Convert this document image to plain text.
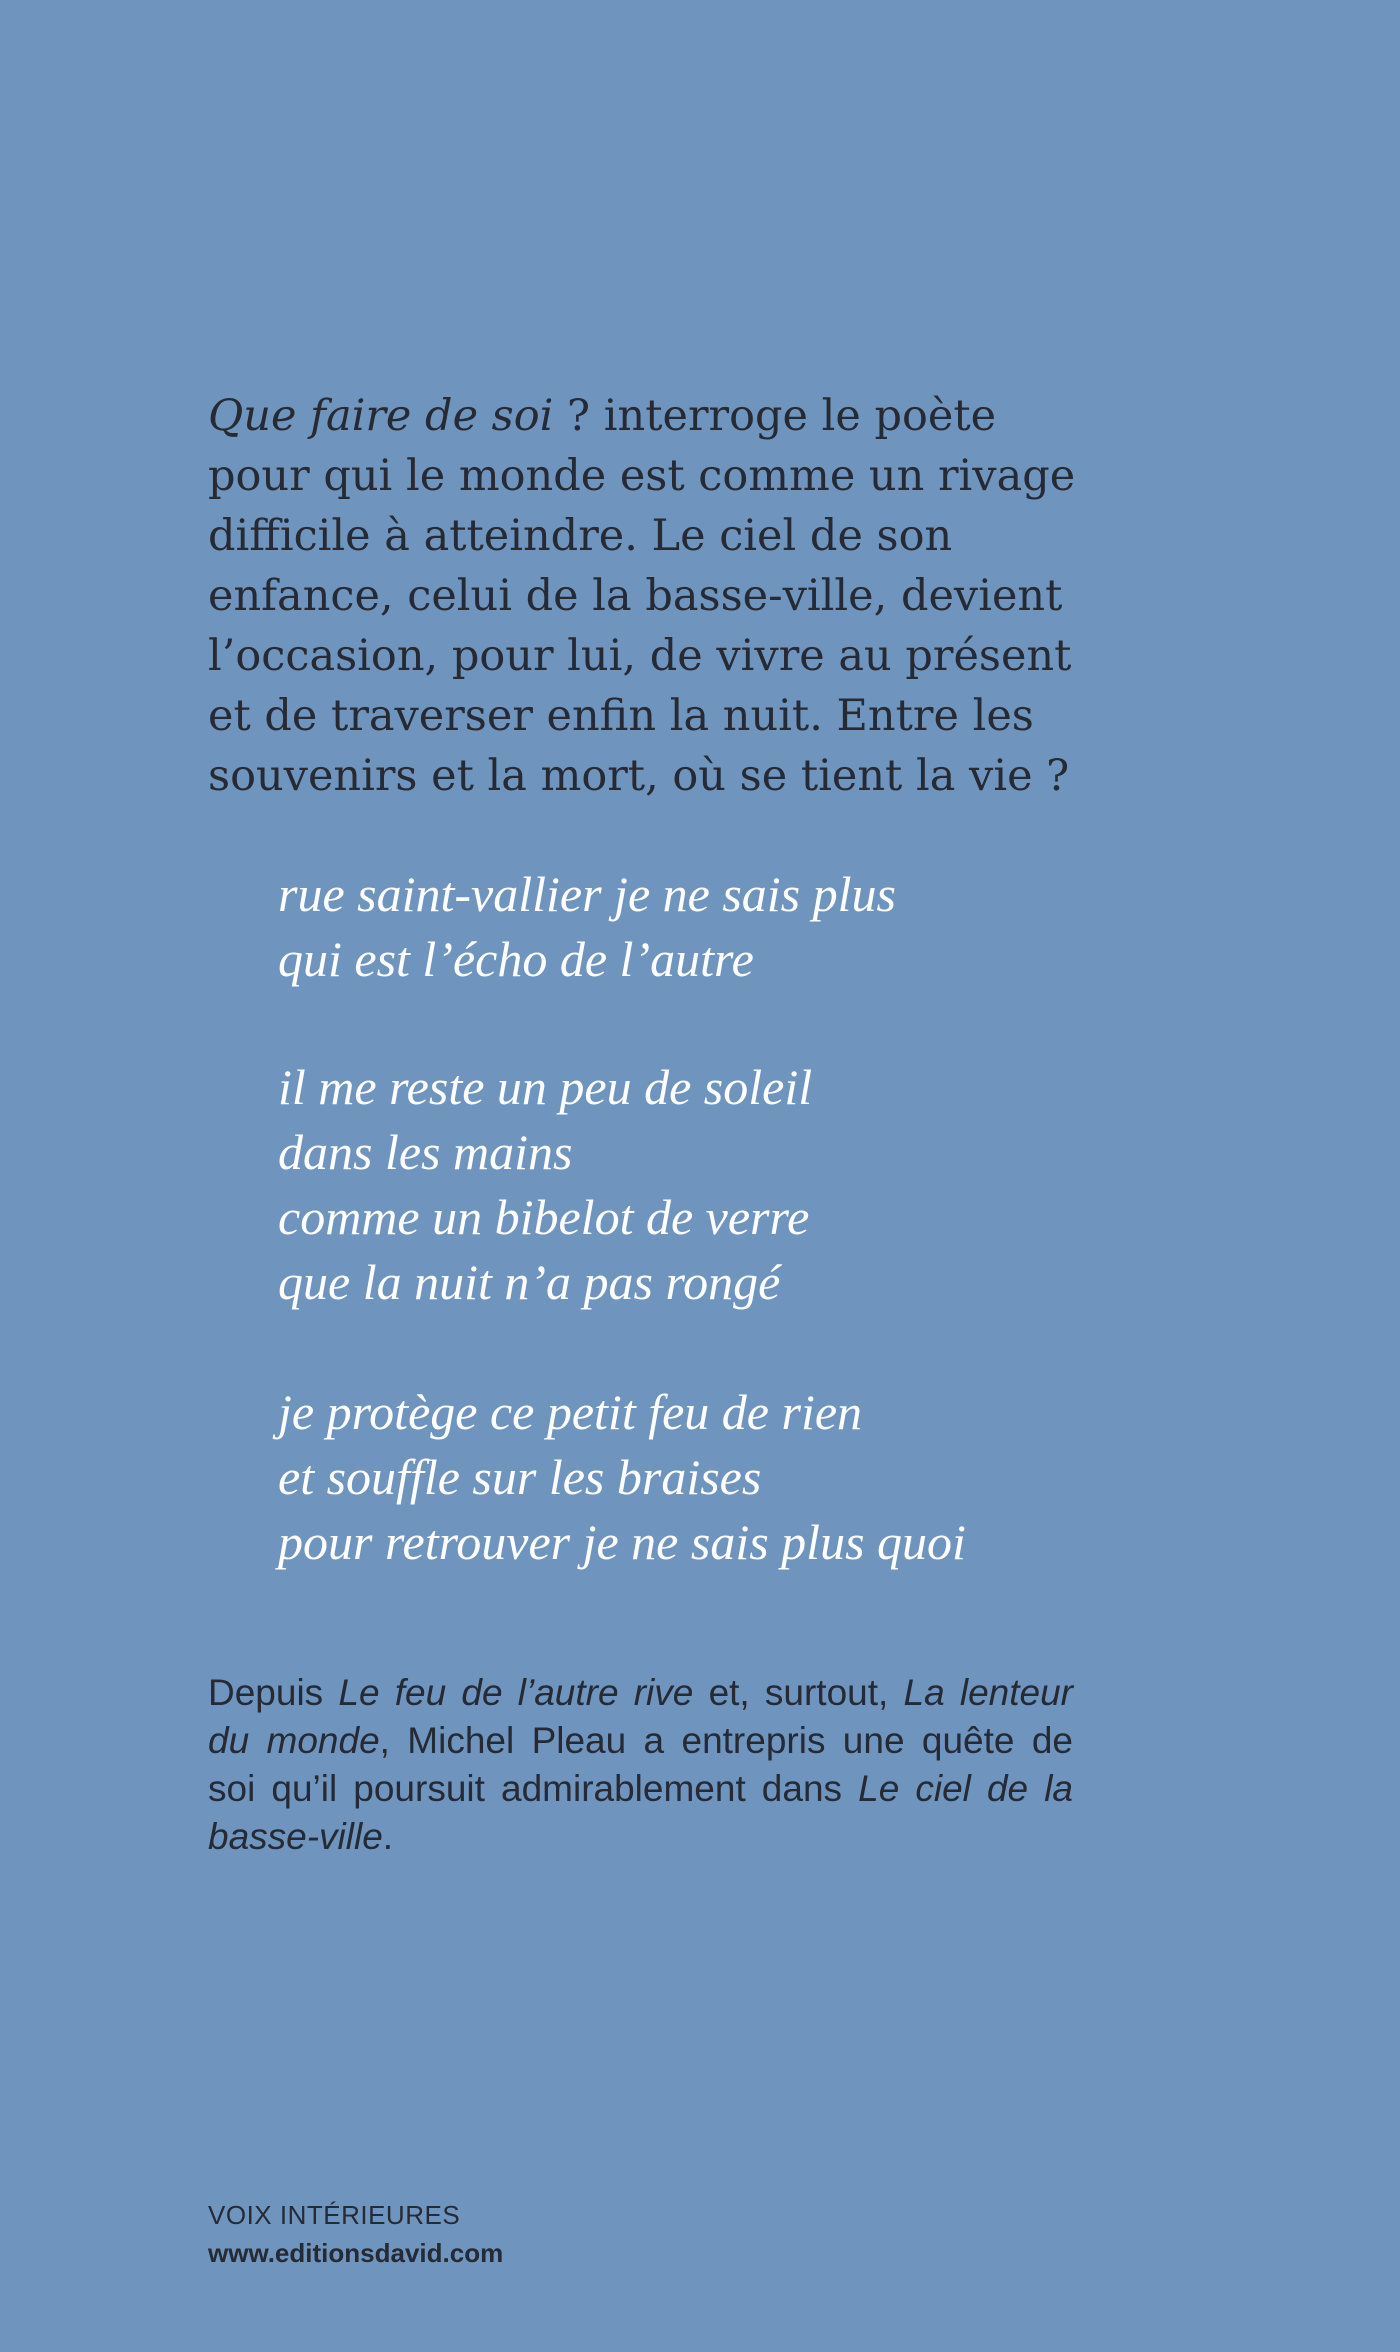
Que faire de soi ? interroge le poète pour qui le monde est comme un rivage difficile à atteindre. Le ciel de son enfance, celui de la basse-ville, devient l’occasion, pour lui, de vivre au présent et de traverser enfin la nuit. Entre les souvenirs et la mort, où se tient la vie ?

rue saint-vallier je ne sais plus
qui est l’écho de l’autre
il me reste un peu de soleil
dans les mains
comme un bibelot de verre
que la nuit n’a pas rongé
je protège ce petit feu de rien
et souffle sur les braises
pour retrouver je ne sais plus quoi

Depuis Le feu de l’autre rive et, surtout, La lenteur du monde, Michel Pleau a entrepris une quête de soi qu’il poursuit admirablement dans Le ciel de la basse-ville.

VOIX INTÉRIEURES
www.editionsdavid.com
